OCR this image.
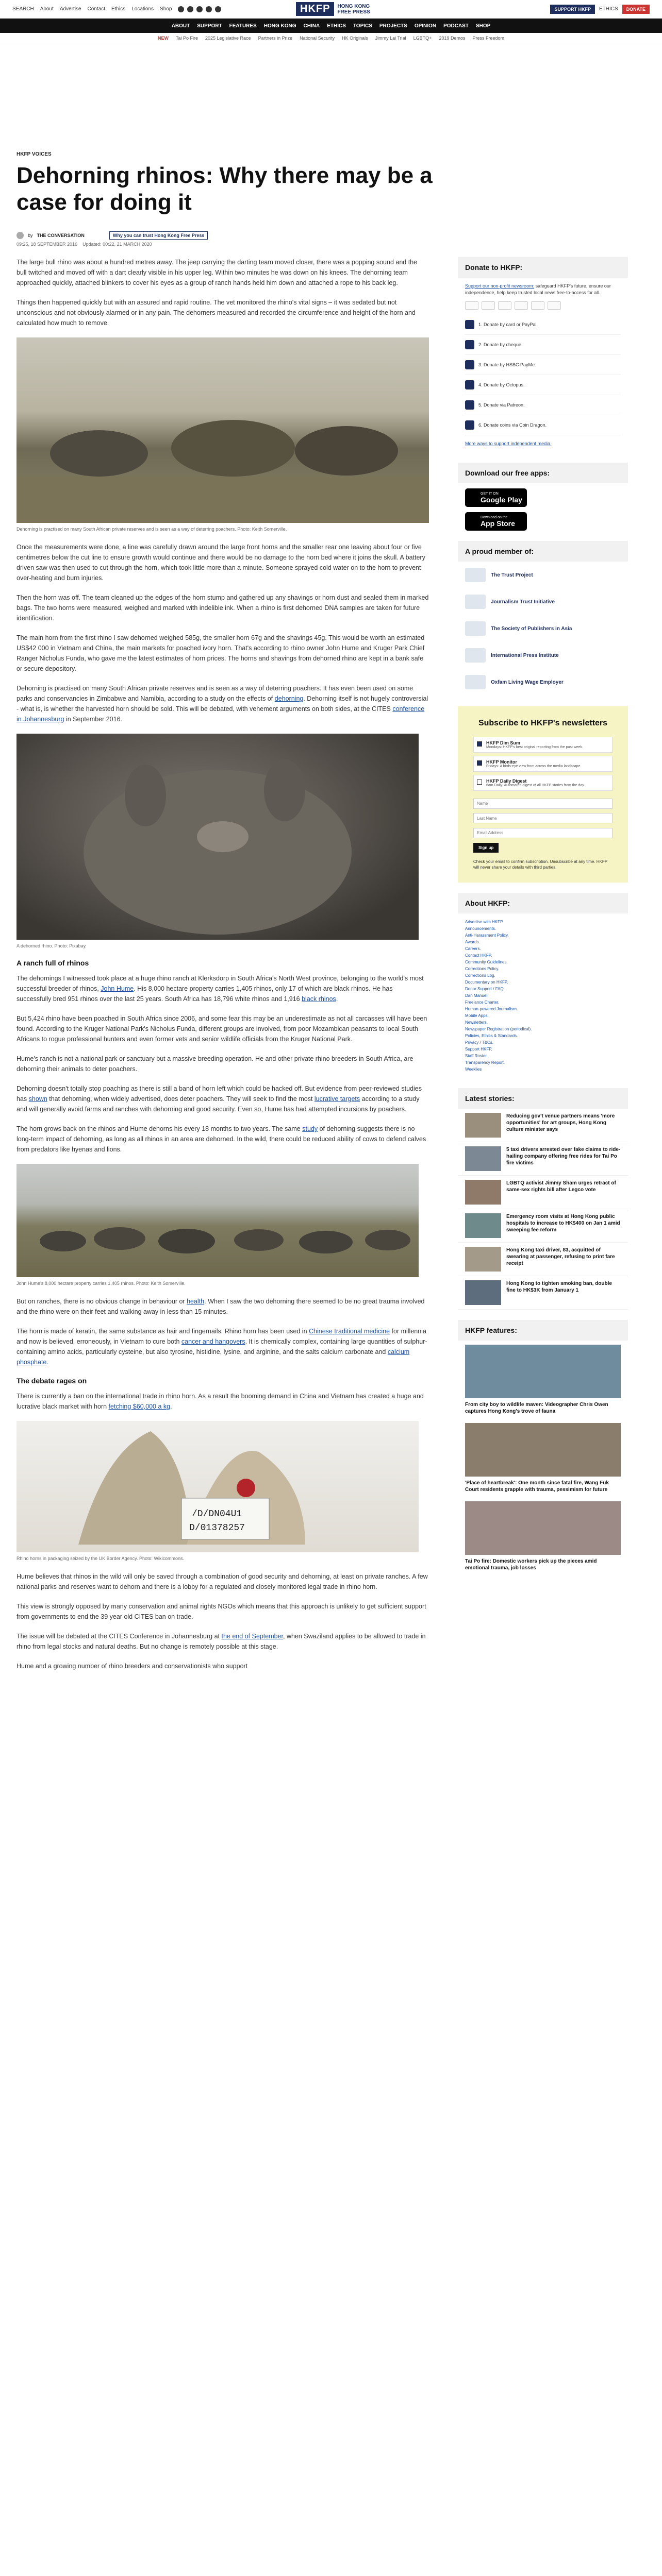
SEARCH About Advertise Contact Ethics Locations Shop	HKFP	HONG KONG
FREE PRESS	SUPPORT HKFP	ETHICS	DONATE
ABOUT SUPPORT FEATURES HONG KONG CHINA ETHICS TOPICS PROJECTS OPINION PODCAST SHOP
NEW Tai Po Fire 2025 Legislative Race Partners in Prize National Security HK Originals Jimmy Lai Trial LGBTQ+ 2019 Demos Press Freedom
HKFP VOICES
Dehorning rhinos: Why there may be a case for doing it
by THE CONVERSATION	Why you can trust Hong Kong Free Press
09:25, 18 SEPTEMBER 2016 Updated: 00:22, 21 MARCH 2020

The large bull rhino was about a hundred metres away. The jeep carrying the darting team moved closer, there was a popping sound and the bull twitched and moved off with a dart clearly visible in his upper leg. Within two minutes he was down on his knees. The dehorning team approached quickly, attached blinkers to cover his eyes as a group of ranch hands held him down and attached a rope to his back leg.

Things then happened quickly but with an assured and rapid routine. The vet monitored the rhino's vital signs – it was sedated but not unconscious and not obviously alarmed or in any pain. The dehorners measured and recorded the circumference and height of the horn and calculated how much to remove.

Dehorning is practised on many South African private reserves and is seen as a way of deterring poachers. Photo: Keith Somerville.

Once the measurements were done, a line was carefully drawn around the large front horns and the smaller rear one leaving about four or five centimetres below the cut line to ensure growth would continue and there would be no damage to the horn bed where it joins the skull. A battery driven saw was then used to cut through the horn, which took little more than a minute. Someone sprayed cold water on to the horn to prevent over-heating and burn injuries.

Then the horn was off. The team cleaned up the edges of the horn stump and gathered up any shavings or horn dust and sealed them in marked bags. The two horns were measured, weighed and marked with indelible ink. When a rhino is first dehorned DNA samples are taken for future identification.

The main horn from the first rhino I saw dehorned weighed 585g, the smaller horn 67g and the shavings 45g. This would be worth an estimated US$42 000 in Vietnam and China, the main markets for poached ivory horn. That's according to rhino owner John Hume and Kruger Park Chief Ranger Nicholus Funda, who gave me the latest estimates of horn prices. The horns and shavings from dehorned rhino are kept in a bank safe or secure depository.

Dehorning is practised on many South African private reserves and is seen as a way of deterring poachers. It has even been used on some parks and conservancies in Zimbabwe and Namibia, according to a study on the effects of dehorning. Dehorning itself is not hugely controversial - what is, is whether the harvested horn should be sold. This will be debated, with vehement arguments on both sides, at the CITES conference in Johannesburg in September 2016.

A dehorned rhino. Photo: Pixabay.
A ranch full of rhinos

The dehornings I witnessed took place at a huge rhino ranch at Klerksdorp in South Africa's North West province, belonging to the world's most successful breeder of rhinos, John Hume. His 8,000 hectare property carries 1,405 rhinos, only 17 of which are black rhinos. He has successfully bred 951 rhinos over the last 25 years. South Africa has 18,796 white rhinos and 1,916 black rhinos.

But 5,424 rhino have been poached in South Africa since 2006, and some fear this may be an underestimate as not all carcasses will have been found. According to the Kruger National Park's Nicholus Funda, different groups are involved, from poor Mozambican peasants to local South Africans to rogue professional hunters and even former vets and senior wildlife officials from the Kruger National Park.

Hume's ranch is not a national park or sanctuary but a massive breeding operation. He and other private rhino breeders in South Africa, are dehorning their animals to deter poachers.

Dehorning doesn't totally stop poaching as there is still a band of horn left which could be hacked off. But evidence from peer-reviewed studies has shown that dehorning, when widely advertised, does deter poachers. They will seek to find the most lucrative targets according to a study and will generally avoid farms and ranches with dehorning and good security. Even so, Hume has had attempted incursions by poachers.

The horn grows back on the rhinos and Hume dehorns his every 18 months to two years. The same study of dehorning suggests there is no long-term impact of dehorning, as long as all rhinos in an area are dehorned. In the wild, there could be reduced ability of cows to defend calves from predators like hyenas and lions.

John Hume's 8,000 hectare property carries 1,405 rhinos. Photo: Keith Somerville.

But on ranches, there is no obvious change in behaviour or health. When I saw the two dehorning there seemed to be no great trauma involved and the rhino were on their feet and walking away in less than 15 minutes.

The horn is made of keratin, the same substance as hair and fingernails. Rhino horn has been used in Chinese traditional medicine for millennia and now is believed, erroneously, in Vietnam to cure both cancer and hangovers. It is chemically complex, containing large quantities of sulphur-containing amino acids, particularly cysteine, but also tyrosine, histidine, lysine, and arginine, and the salts calcium carbonate and calcium phosphate.

The debate rages on

There is currently a ban on the international trade in rhino horn. As a result the booming demand in China and Vietnam has created a huge and lucrative black market with horn fetching $60,000 a kg.

/D/DN04U1
D/01378257
Rhino horns in packaging seized by the UK Border Agency. Photo: Wikicommons.

Hume believes that rhinos in the wild will only be saved through a combination of good security and dehorning, at least on private ranches. A few national parks and reserves want to dehorn and there is a lobby for a regulated and closely monitored legal trade in rhino horn.

This view is strongly opposed by many conservation and animal rights NGOs which means that this approach is unlikely to get sufficient support from governments to end the 39 year old CITES ban on trade.

The issue will be debated at the CITES Conference in Johannesburg at the end of September, when Swaziland applies to be allowed to trade in rhino from legal stocks and natural deaths. But no change is remotely possible at this stage.

Hume and a growing number of rhino breeders and conservationists who support

Donate to HKFP:
Support our non-profit newsroom: safeguard HKFP's future, ensure our independence, help keep trusted local news free-to-access for all.
1. Donate by card or PayPal.
2. Donate by cheque.
3. Donate by HSBC PayMe.
4. Donate by Octopus.
5. Donate via Patreon.
6. Donate coins via Coin Dragon.
More ways to support independent media.
Download our free apps:
GET IT ON
Google Play
Download on the
App Store
A proud member of:
The Trust Project
Journalism Trust Initiative
The Society of Publishers in Asia
International Press Institute
Oxfam Living Wage Employer
Subscribe to HKFP's newsletters
HKFP Dim Sum
Mondays: HKFP's best original reporting from the past week.
HKFP Monitor
Fridays: A birds-eye view from across the media landscape.
HKFP Daily Digest
6am Daily: Automated digest of all HKFP stories from the day.
Name Last Name Email Address
Sign up
Check your email to confirm subscription. Unsubscribe at any time. HKFP will never share your details with third parties.
About HKFP:
Advertise with HKFP.
Announcements.
Anti-Harassment Policy.
Awards.
Careers.
Contact HKFP.
Community Guidelines.
Corrections Policy.
Corrections Log.
Documentary on HKFP.
Donor Support / FAQ.
Dan Manuel.
Freelance Charter.
Human-powered Journalism.
Mobile Apps.
Newsletters.
Newspaper Registration (periodical).
Policies, Ethics & Standards.
Privacy / T&Cs.
Support HKFP.
Staff Roster.
Transparency Report.
Weeklies
Latest stories:
Reducing gov't venue partners means 'more opportunities' for art groups, Hong Kong culture minister says
5 taxi drivers arrested over fake claims to ride-hailing company offering free rides for Tai Po fire victims
LGBTQ activist Jimmy Sham urges retract of same-sex rights bill after Legco vote
Emergency room visits at Hong Kong public hospitals to increase to HK$400 on Jan 1 amid sweeping fee reform
Hong Kong taxi driver, 83, acquitted of swearing at passenger, refusing to print fare receipt
Hong Kong to tighten smoking ban, double fine to HK$3K from January 1
HKFP features:
From city boy to wildlife maven: Videographer Chris Owen captures Hong Kong's trove of fauna
'Place of heartbreak': One month since fatal fire, Wang Fuk Court residents grapple with trauma, pessimism for future
Tai Po fire: Domestic workers pick up the pieces amid emotional trauma, job losses
